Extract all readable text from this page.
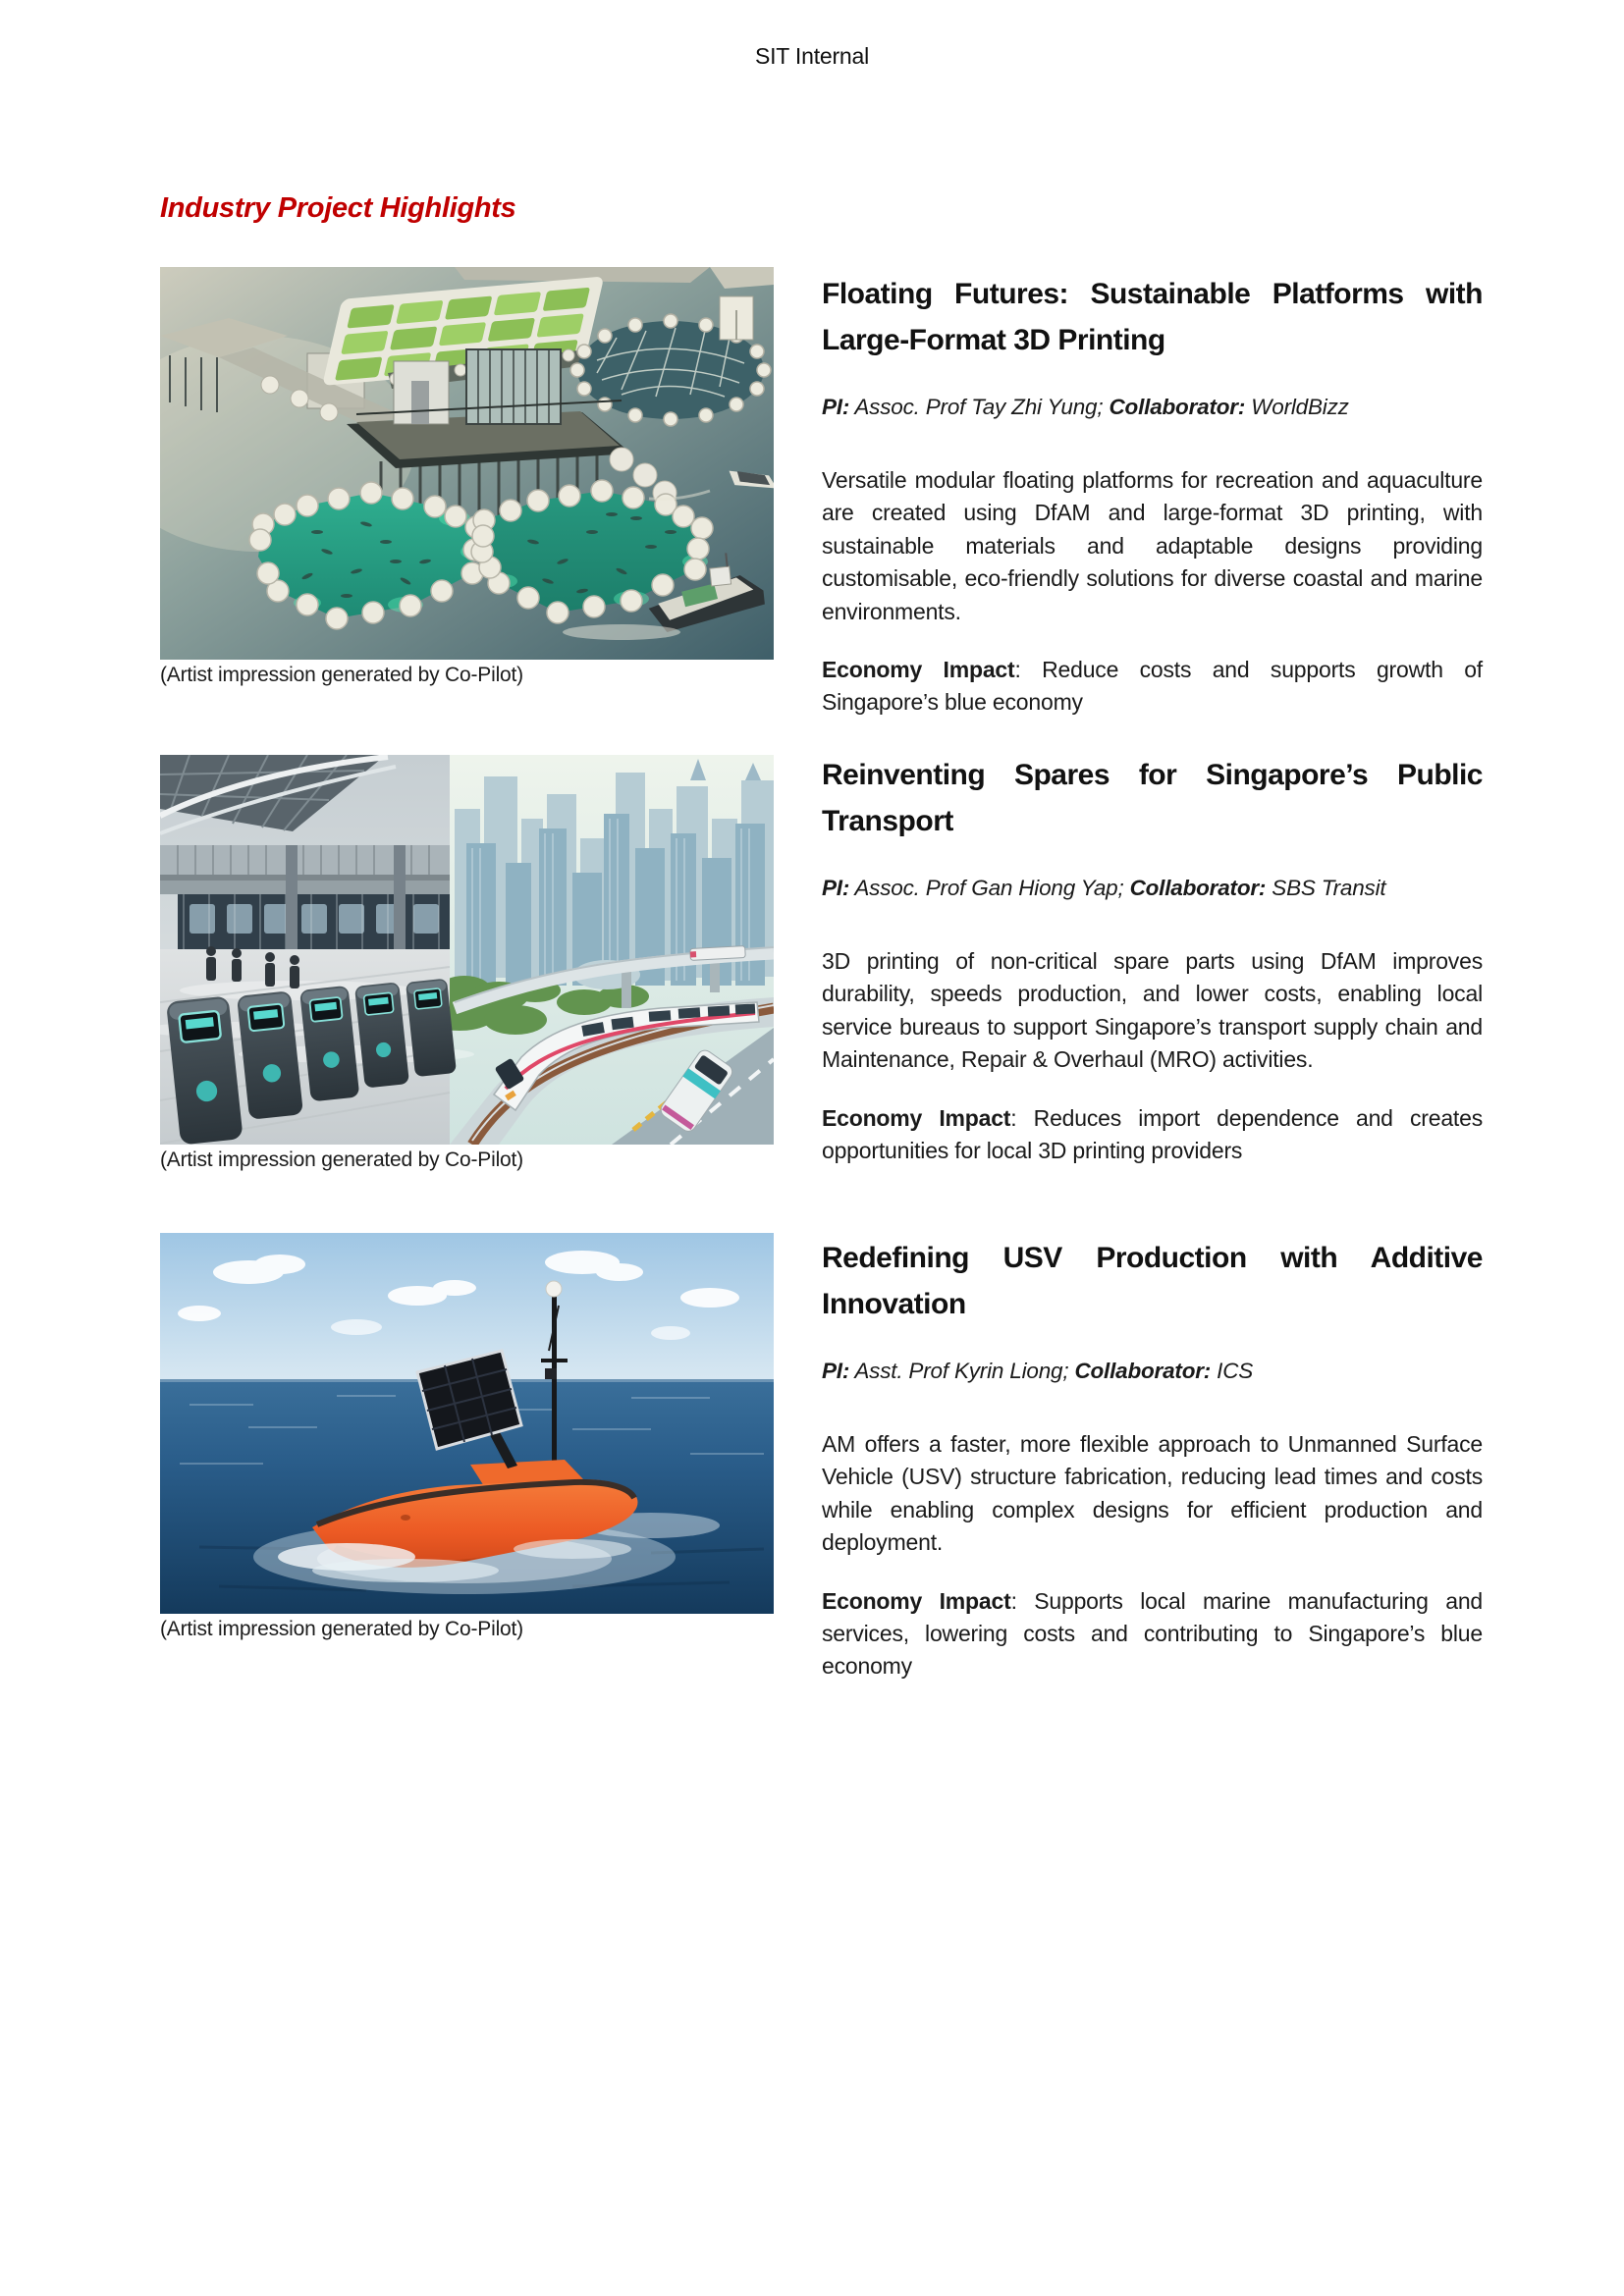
SIT Internal
Industry Project Highlights
(Artist impression generated by Co-Pilot)
Floating Futures: Sustainable Platforms with Large-Format 3D Printing

PI: Assoc. Prof Tay Zhi Yung; Collaborator: WorldBizz

Versatile modular floating platforms for recreation and aquaculture are created using DfAM and large-format 3D printing, with sustainable materials and adaptable designs providing customisable, eco-friendly solutions for diverse coastal and marine environments.

Economy Impact: Reduce costs and supports growth of Singapore’s blue economy

(Artist impression generated by Co-Pilot)
Reinventing Spares for Singapore’s Public Transport

PI: Assoc. Prof Gan Hiong Yap; Collaborator: SBS Transit

3D printing of non-critical spare parts using DfAM improves durability, speeds production, and lower costs, enabling local service bureaus to support Singapore’s transport supply chain and Maintenance, Repair & Overhaul (MRO) activities.

Economy Impact: Reduces import dependence and creates opportunities for local 3D printing providers

(Artist impression generated by Co-Pilot)
Redefining USV Production with Additive Innovation

PI: Asst. Prof Kyrin Liong; Collaborator: ICS

AM offers a faster, more flexible approach to Unmanned Surface Vehicle (USV) structure fabrication, reducing lead times and costs while enabling complex designs for efficient production and deployment.

Economy Impact: Supports local marine manufacturing and services, lowering costs and contributing to Singapore’s blue economy
